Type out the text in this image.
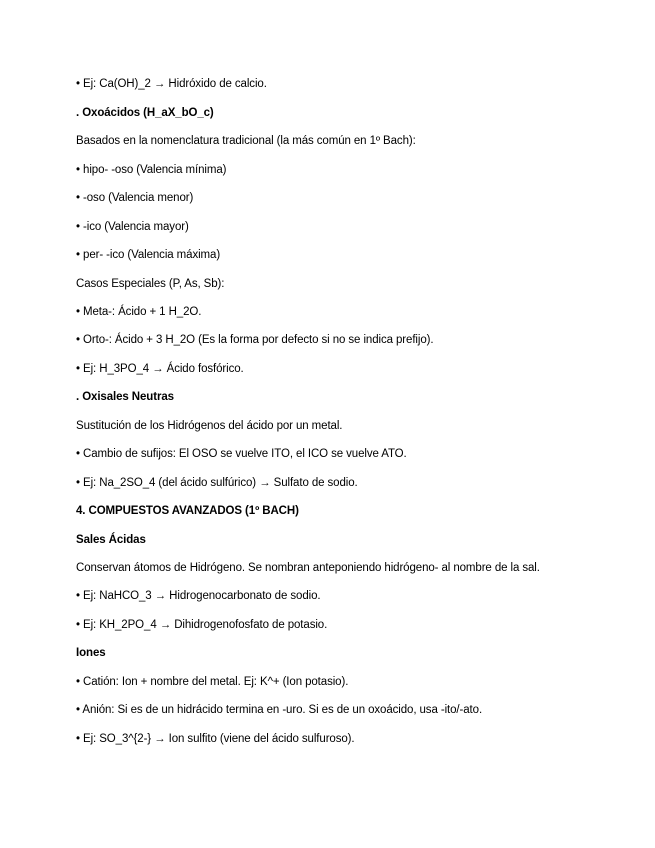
• Ej: Ca(OH)_2 → Hidróxido de calcio.
. Oxoácidos (H_aX_bO_c)
Basados en la nomenclatura tradicional (la más común en 1º Bach):
• hipo- -oso (Valencia mínima)
• -oso (Valencia menor)
• -ico (Valencia mayor)
• per- -ico (Valencia máxima)
Casos Especiales (P, As, Sb):
• Meta-: Ácido + 1 H_2O.
• Orto-: Ácido + 3 H_2O (Es la forma por defecto si no se indica prefijo).
• Ej: H_3PO_4 → Ácido fosfórico.
. Oxisales Neutras
Sustitución de los Hidrógenos del ácido por un metal.
• Cambio de sufijos: El OSO se vuelve ITO, el ICO se vuelve ATO.
• Ej: Na_2SO_4 (del ácido sulfúrico) → Sulfato de sodio.
4. COMPUESTOS AVANZADOS (1º BACH)
Sales Ácidas
Conservan átomos de Hidrógeno. Se nombran anteponiendo hidrógeno- al nombre de la sal.
• Ej: NaHCO_3 → Hidrogenocarbonato de sodio.
• Ej: KH_2PO_4 → Dihidrogenofosfato de potasio.
Iones
• Catión: Ion + nombre del metal. Ej: K^+ (Ion potasio).
• Anión: Si es de un hidrácido termina en -uro. Si es de un oxoácido, usa -ito/-ato.
• Ej: SO_3^{2-} → Ion sulfito (viene del ácido sulfuroso).
